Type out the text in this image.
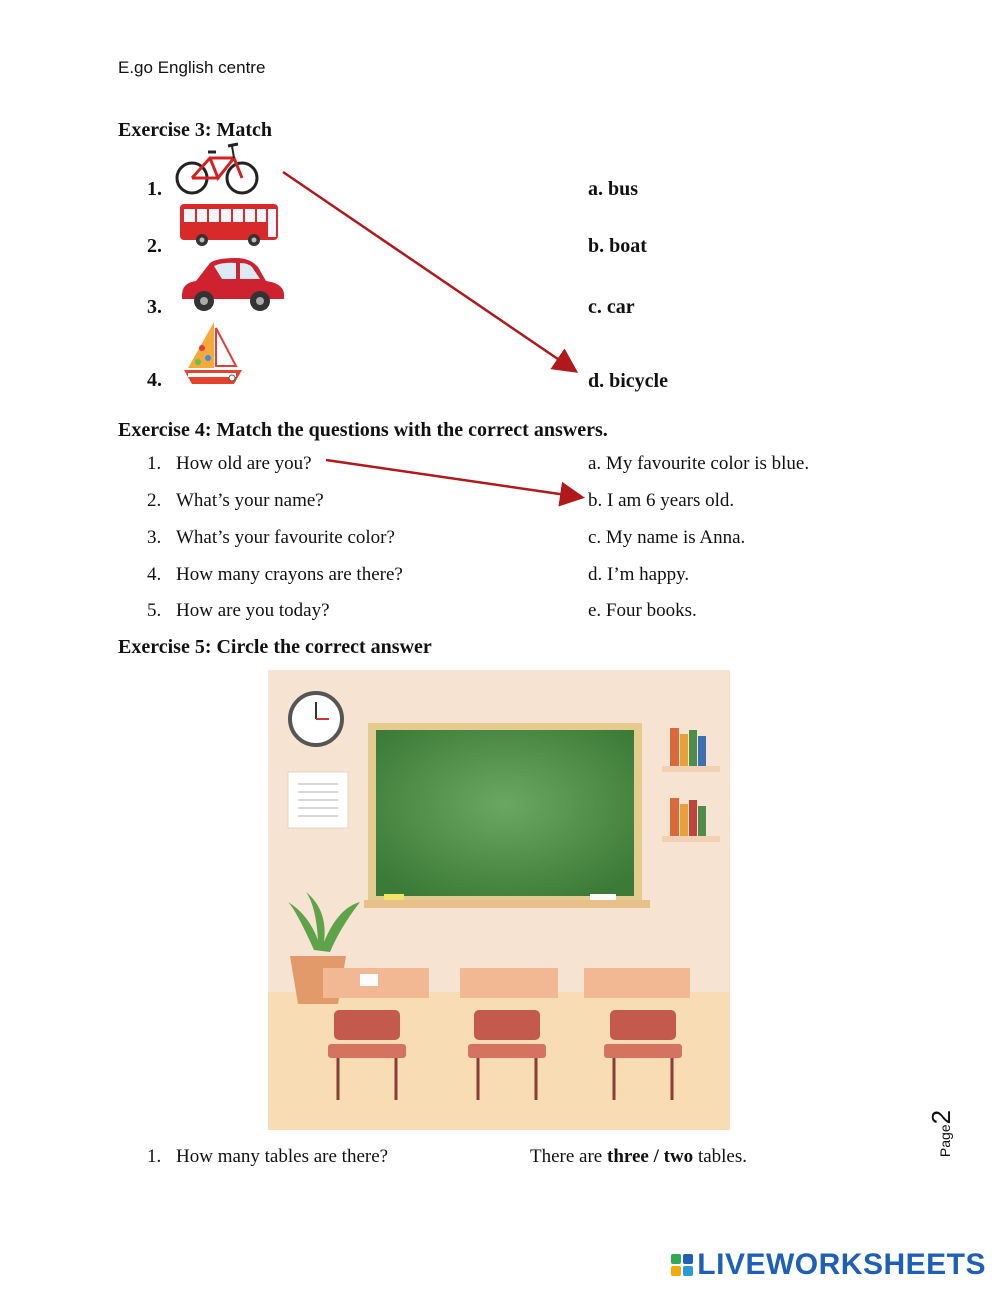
E.go English centre
Exercise 3: Match
1.
2.
3.
4.
a. bus
b. boat
c. car
d. bicycle
Exercise 4: Match the questions with the correct answers.
1. How old are you?
2. What’s your name?
3. What’s your favourite color?
4. How many crayons are there?
5. How are you today?
a. My favourite color is blue.
b. I am 6 years old.
c. My name is Anna.
d. I’m happy.
e. Four books.
Exercise 5: Circle the correct answer
1. How many tables are there?	There are three / two tables.	Page2
LIVEWORKSHEETS
